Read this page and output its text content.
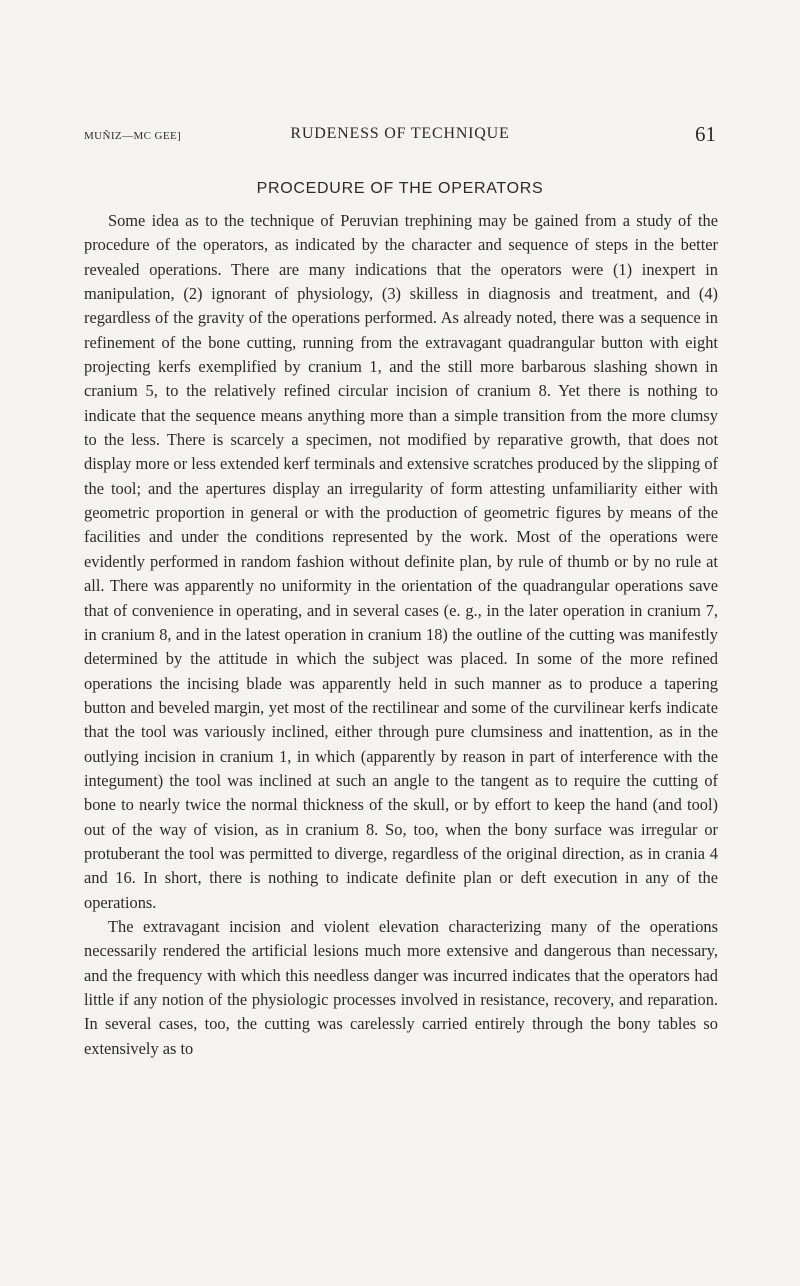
MUÑIZ—MC GEE]	RUDENESS OF TECHNIQUE	61
PROCEDURE OF THE OPERATORS

Some idea as to the technique of Peruvian trephining may be gained from a study of the procedure of the operators, as indicated by the character and sequence of steps in the better revealed operations. There are many indications that the operators were (1) inexpert in manipulation, (2) ignorant of physiology, (3) skilless in diagnosis and treatment, and (4) regardless of the gravity of the operations performed. As already noted, there was a sequence in refinement of the bone cutting, running from the extravagant quadrangular button with eight projecting kerfs exemplified by cranium 1, and the still more barbarous slashing shown in cranium 5, to the relatively refined circular incision of cranium 8. Yet there is nothing to indicate that the sequence means anything more than a simple transition from the more clumsy to the less. There is scarcely a specimen, not modified by reparative growth, that does not display more or less extended kerf terminals and extensive scratches produced by the slipping of the tool; and the apertures display an irregularity of form attesting unfamiliarity either with geometric proportion in general or with the production of geometric figures by means of the facilities and under the conditions represented by the work. Most of the operations were evidently performed in random fashion without definite plan, by rule of thumb or by no rule at all. There was apparently no uniformity in the orientation of the quadrangular operations save that of convenience in operating, and in several cases (e. g., in the later operation in cranium 7, in cranium 8, and in the latest operation in cranium 18) the outline of the cutting was manifestly determined by the attitude in which the subject was placed. In some of the more refined operations the incising blade was apparently held in such manner as to produce a tapering button and beveled margin, yet most of the rectilinear and some of the curvilinear kerfs indicate that the tool was variously inclined, either through pure clumsiness and inattention, as in the outlying incision in cranium 1, in which (apparently by reason in part of interference with the integument) the tool was inclined at such an angle to the tangent as to require the cutting of bone to nearly twice the normal thickness of the skull, or by effort to keep the hand (and tool) out of the way of vision, as in cranium 8. So, too, when the bony surface was irregular or protuberant the tool was permitted to diverge, regardless of the original direction, as in crania 4 and 16. In short, there is nothing to indicate definite plan or deft execution in any of the operations.

The extravagant incision and violent elevation characterizing many of the operations necessarily rendered the artificial lesions much more extensive and dangerous than necessary, and the frequency with which this needless danger was incurred indicates that the operators had little if any notion of the physiologic processes involved in resistance, recovery, and reparation. In several cases, too, the cutting was carelessly carried entirely through the bony tables so extensively as to
